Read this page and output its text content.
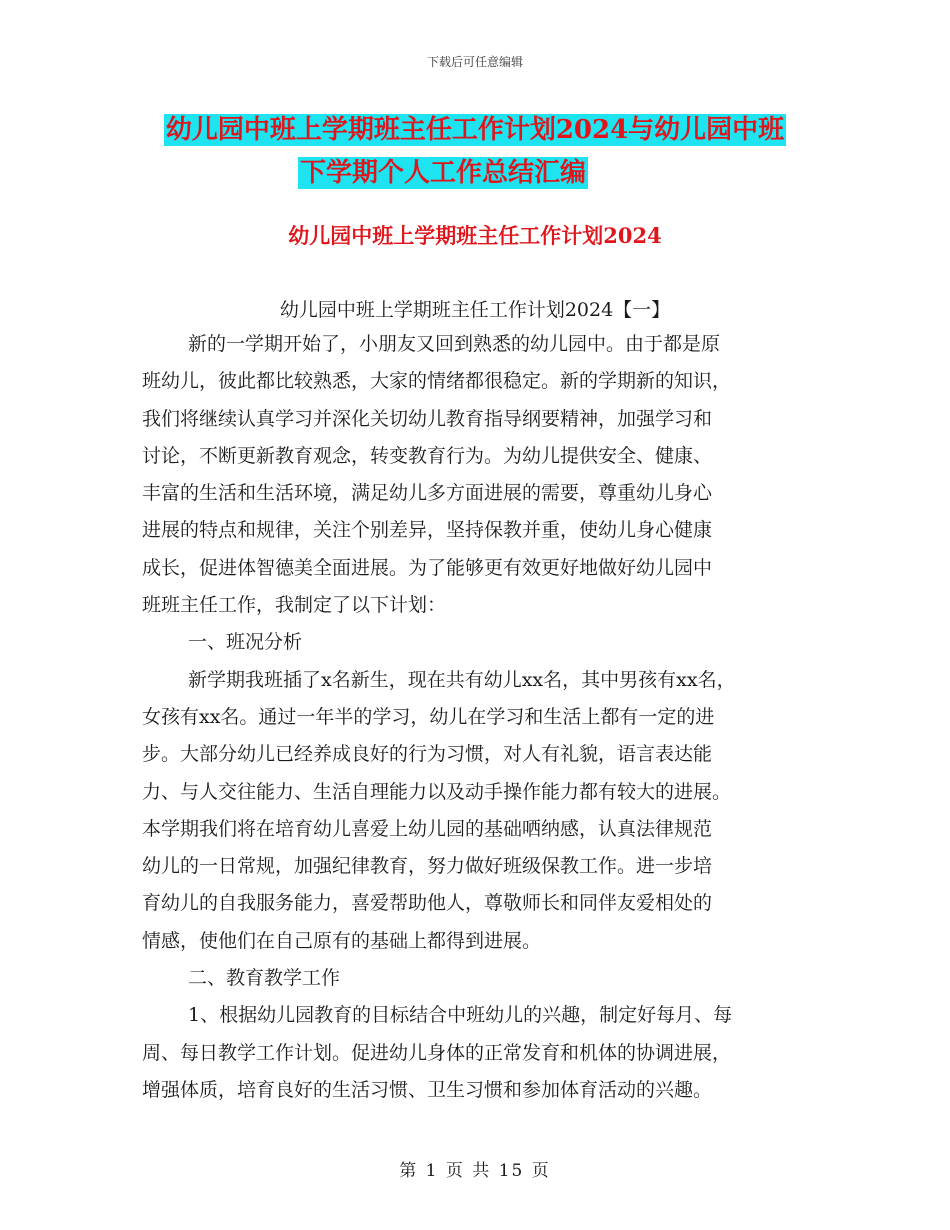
下载后可任意编辑
幼儿园中班上学期班主任工作计划2024与幼儿园中班
下学期个人工作总结汇编
幼儿园中班上学期班主任工作计划2024
幼儿园中班上学期班主任工作计划2024【一】
新的一学期开始了，小朋友又回到熟悉的幼儿园中。由于都是原
班幼儿，彼此都比较熟悉，大家的情绪都很稳定。新的学期新的知识，
我们将继续认真学习并深化关切幼儿教育指导纲要精神，加强学习和
讨论，不断更新教育观念，转变教育行为。为幼儿提供安全、健康、
丰富的生活和生活环境，满足幼儿多方面进展的需要，尊重幼儿身心
进展的特点和规律，关注个别差异，坚持保教并重，使幼儿身心健康
成长，促进体智德美全面进展。为了能够更有效更好地做好幼儿园中
班班主任工作，我制定了以下计划：
一、班况分析
新学期我班插了x名新生，现在共有幼儿xx名，其中男孩有xx名，
女孩有xx名。通过一年半的学习，幼儿在学习和生活上都有一定的进
步。大部分幼儿已经养成良好的行为习惯，对人有礼貌，语言表达能
力、与人交往能力、生活自理能力以及动手操作能力都有较大的进展。
本学期我们将在培育幼儿喜爱上幼儿园的基础哂纳感，认真法律规范
幼儿的一日常规，加强纪律教育，努力做好班级保教工作。进一步培
育幼儿的自我服务能力，喜爱帮助他人，尊敬师长和同伴友爱相处的
情感，使他们在自己原有的基础上都得到进展。
二、教育教学工作
1、根据幼儿园教育的目标结合中班幼儿的兴趣，制定好每月、每
周、每日教学工作计划。促进幼儿身体的正常发育和机体的协调进展，
增强体质，培育良好的生活习惯、卫生习惯和参加体育活动的兴趣。
第 1 页 共 15 页
